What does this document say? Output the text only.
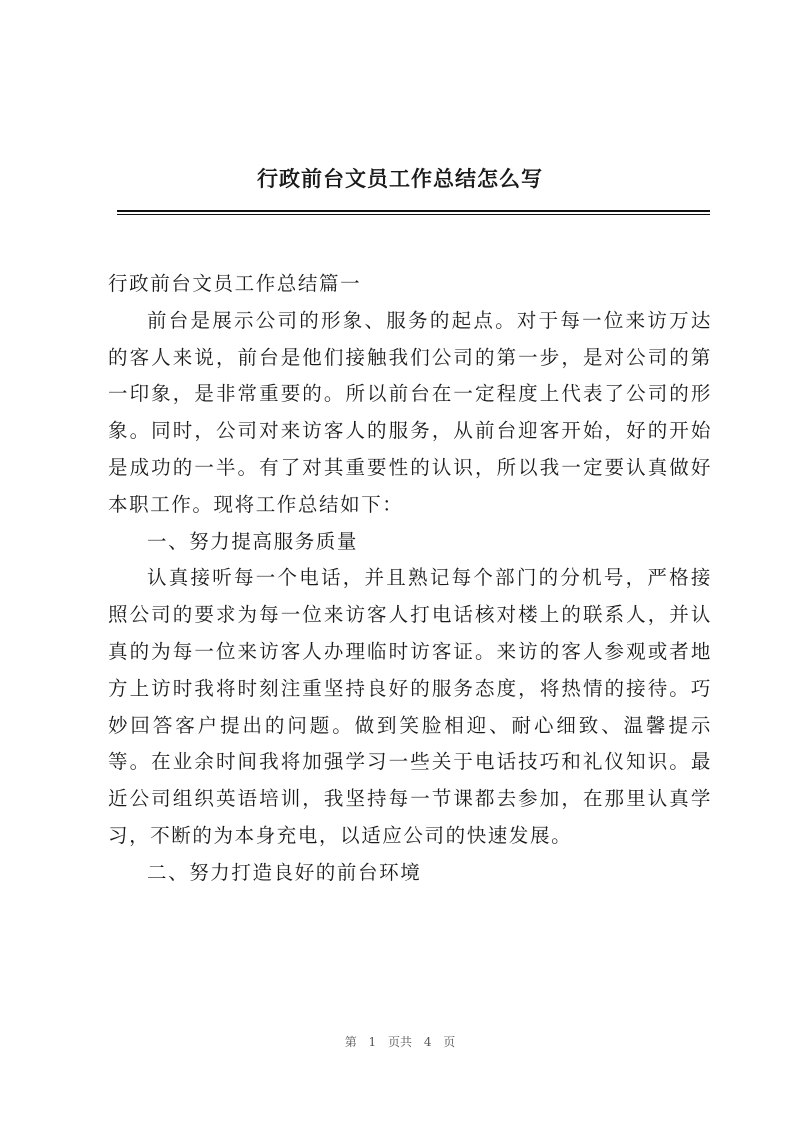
行政前台文员工作总结怎么写

行政前台文员工作总结篇一

前台是展示公司的形象、服务的起点。对于每一位来访万达的客人来说，前台是他们接触我们公司的第一步，是对公司的第一印象，是非常重要的。所以前台在一定程度上代表了公司的形象。同时，公司对来访客人的服务，从前台迎客开始，好的开始是成功的一半。有了对其重要性的认识，所以我一定要认真做好本职工作。现将工作总结如下：

一、努力提高服务质量

认真接听每一个电话，并且熟记每个部门的分机号，严格接照公司的要求为每一位来访客人打电话核对楼上的联系人，并认真的为每一位来访客人办理临时访客证。来访的客人参观或者地方上访时我将时刻注重坚持良好的服务态度，将热情的接待。巧妙回答客户提出的问题。做到笑脸相迎、耐心细致、温馨提示等。在业余时间我将加强学习一些关于电话技巧和礼仪知识。最近公司组织英语培训，我坚持每一节课都去参加，在那里认真学习，不断的为本身充电，以适应公司的快速发展。

二、努力打造良好的前台环境

第 1 页共 4 页
